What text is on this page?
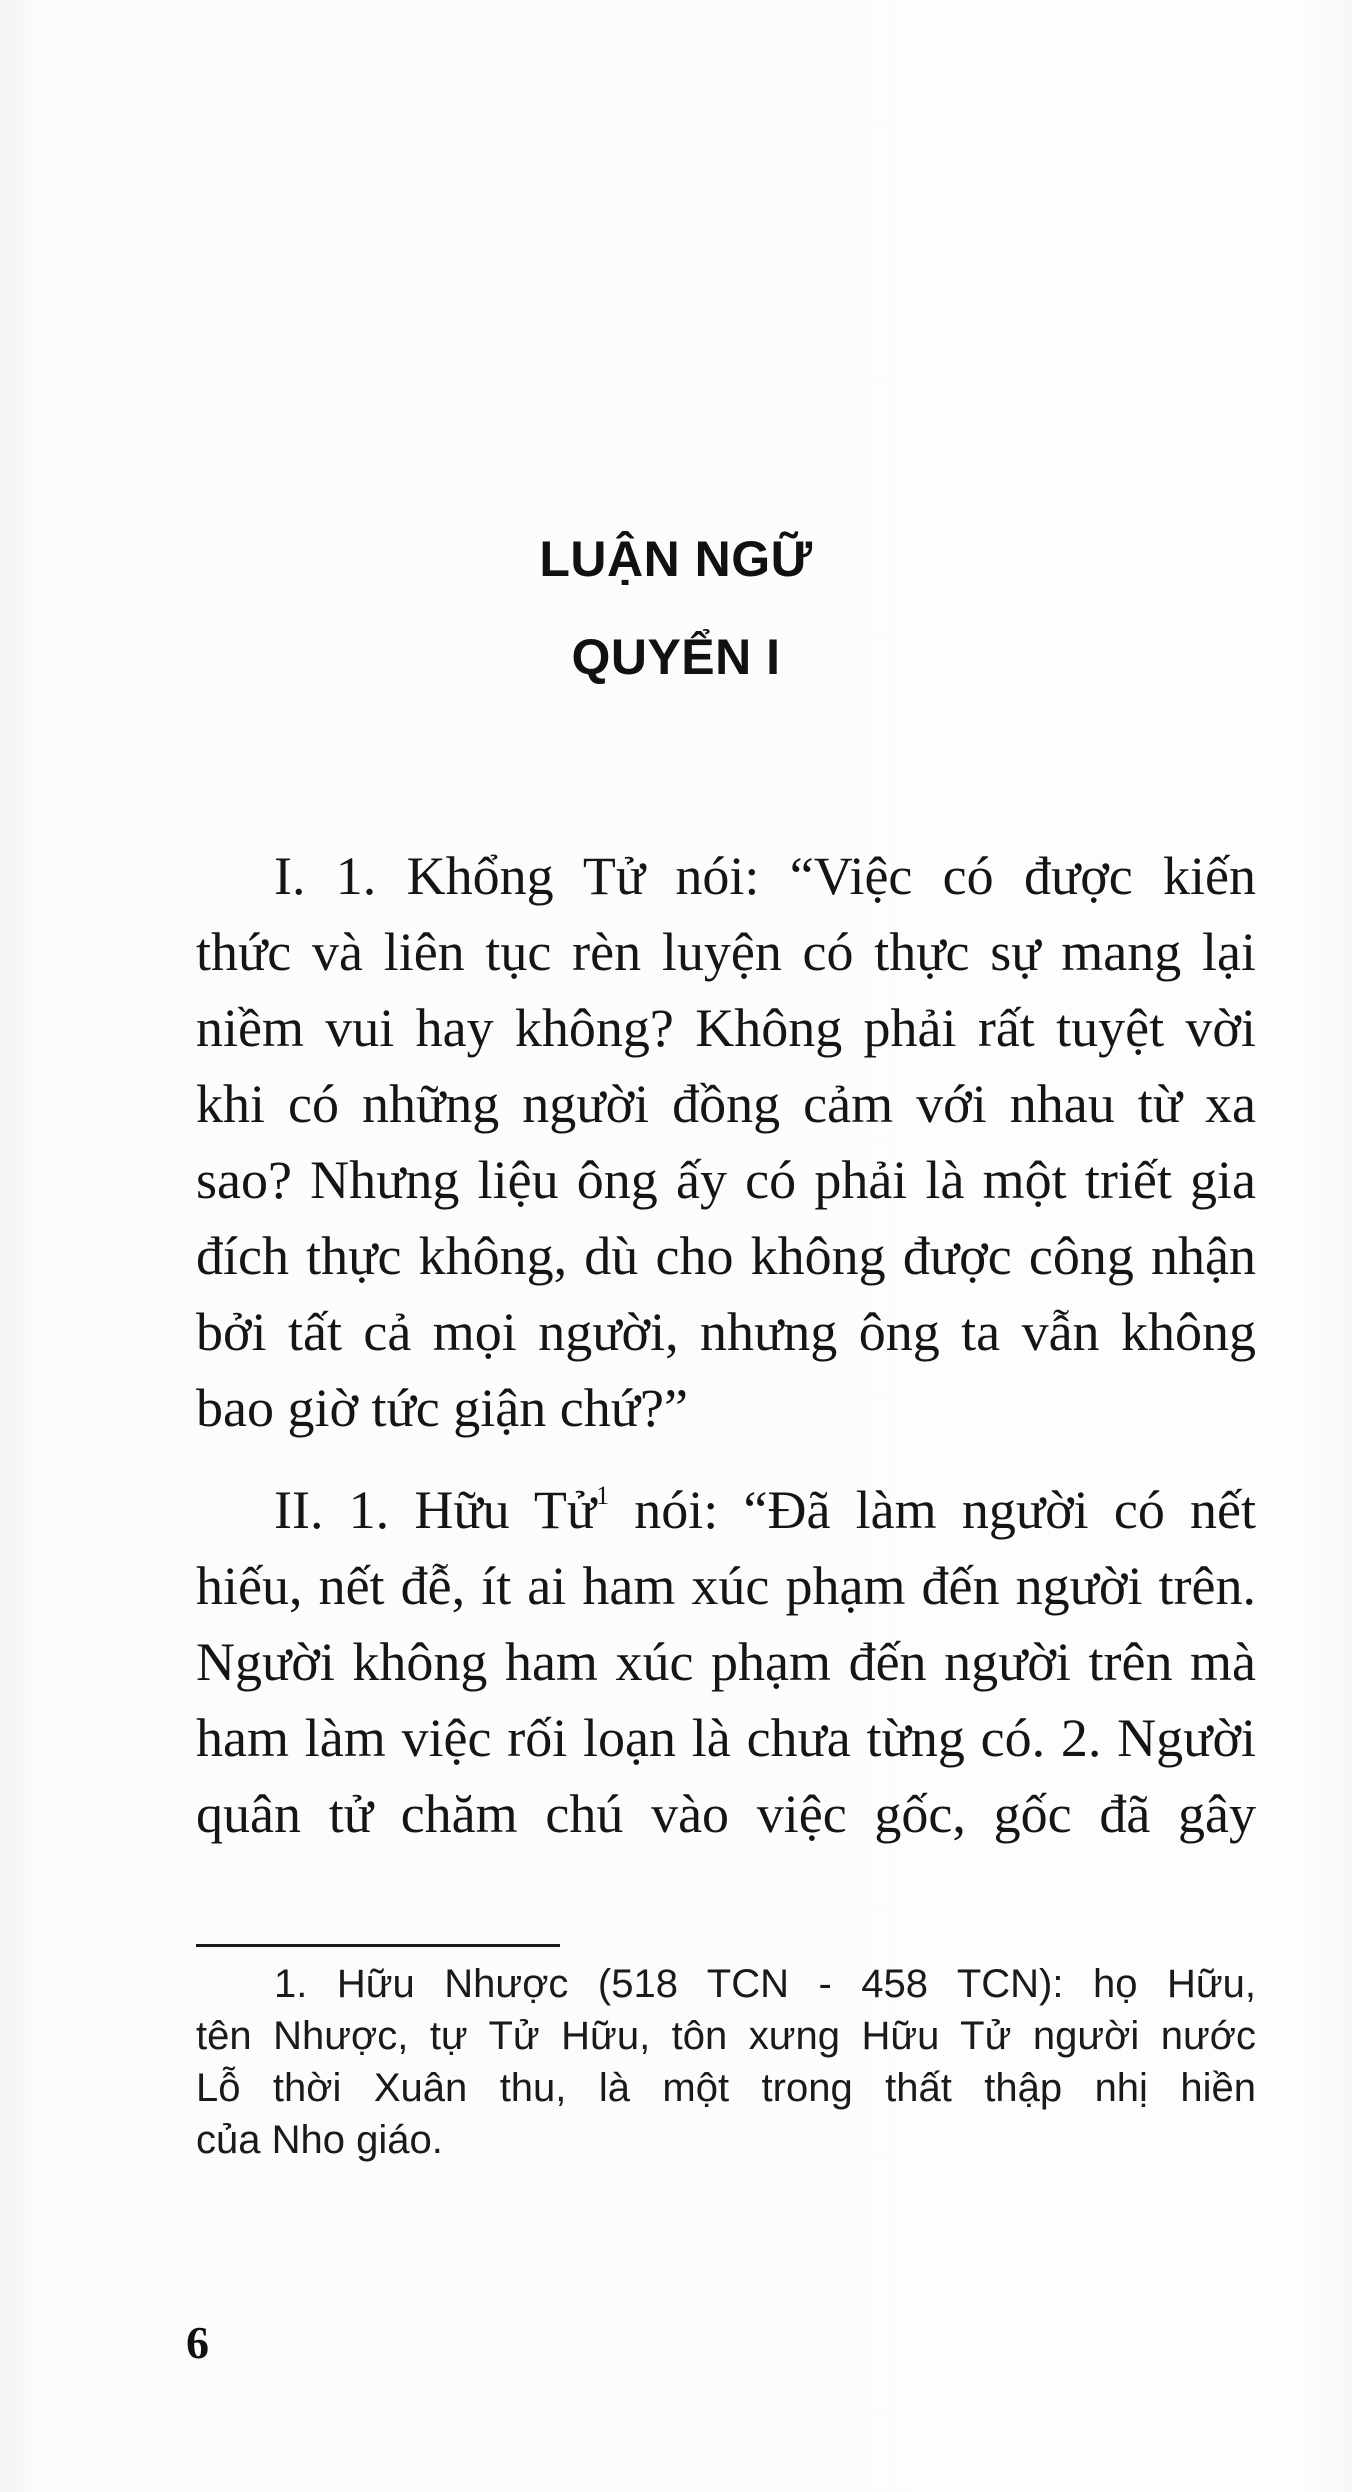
LUẬN NGỮ
QUYỂN I
I. 1. Khổng Tử nói: “Việc có được kiến
thức và liên tục rèn luyện có thực sự mang lại
niềm vui hay không? Không phải rất tuyệt vời
khi có những người đồng cảm với nhau từ xa
sao? Nhưng liệu ông ấy có phải là một triết gia
đích thực không, dù cho không được công nhận
bởi tất cả mọi người, nhưng ông ta vẫn không
bao giờ tức giận chứ?”
II. 1. Hữu Tử$^1$ nói: “Đã làm người có nết
hiếu, nết đễ, ít ai ham xúc phạm đến người trên.
Người không ham xúc phạm đến người trên mà
ham làm việc rối loạn là chưa từng có. 2. Người
quân tử chăm chú vào việc gốc, gốc đã gây
1. Hữu Nhược (518 TCN - 458 TCN): họ Hữu,
tên Nhược, tự Tử Hữu, tôn xưng Hữu Tử người nước
Lỗ thời Xuân thu, là một trong thất thập nhị hiền
của Nho giáo.
6
